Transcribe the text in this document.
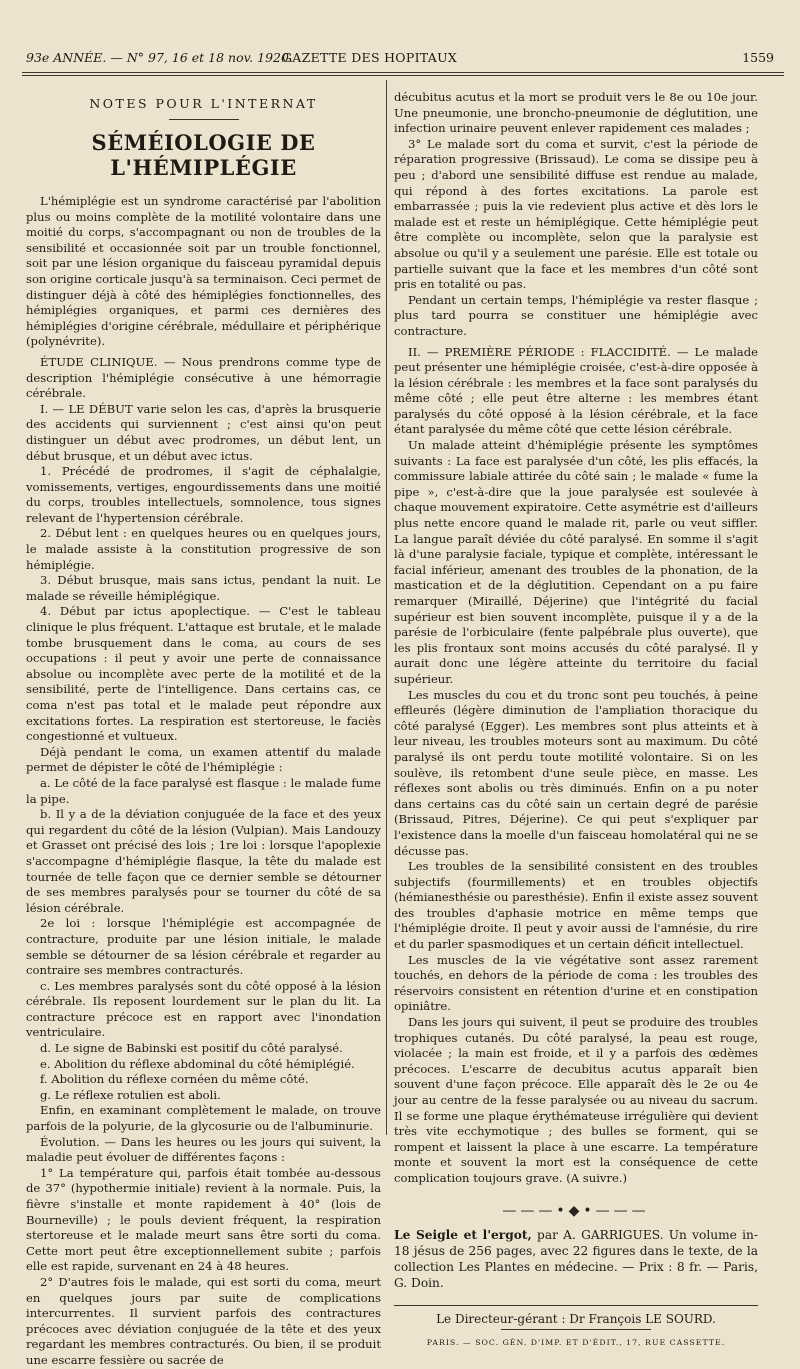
93e ANNÉE. — N° 97, 16 et 18 nov. 1920.
GAZETTE DES HOPITAUX	1559
NOTES POUR L'INTERNAT
SÉMÉIOLOGIE DE L'HÉMIPLÉGIE

L'hémiplégie est un syndrome caractérisé par l'abolition plus ou moins complète de la motilité volontaire dans une moitié du corps, s'accompagnant ou non de troubles de la sensibilité et occasionnée soit par un trouble fonctionnel, soit par une lésion organique du faisceau pyramidal depuis son origine corticale jusqu'à sa terminaison. Ceci permet de distinguer déjà à côté des hémiplégies fonctionnelles, des hémiplégies organiques, et parmi ces dernières des hémiplégies d'origine cérébrale, médullaire et périphérique (polynévrite).

ÉTUDE CLINIQUE. — Nous prendrons comme type de description l'hémiplégie consécutive à une hémorragie cérébrale.

I. — LE DÉBUT varie selon les cas, d'après la brusquerie des accidents qui surviennent ; c'est ainsi qu'on peut distinguer un début avec prodromes, un début lent, un début brusque, et un début avec ictus.

1. Précédé de prodromes, il s'agit de céphalalgie, vomissements, vertiges, engourdissements dans une moitié du corps, troubles intellectuels, somnolence, tous signes relevant de l'hypertension cérébrale.

2. Début lent : en quelques heures ou en quelques jours, le malade assiste à la constitution progressive de son hémiplégie.

3. Début brusque, mais sans ictus, pendant la nuit. Le malade se réveille hémiplégique.

4. Début par ictus apoplectique. — C'est le tableau clinique le plus fréquent. L'attaque est brutale, et le malade tombe brusquement dans le coma, au cours de ses occupations : il peut y avoir une perte de connaissance absolue ou incomplète avec perte de la motilité et de la sensibilité, perte de l'intelligence. Dans certains cas, ce coma n'est pas total et le malade peut répondre aux excitations fortes. La respiration est stertoreuse, le faciès congestionné et vultueux.

Déjà pendant le coma, un examen attentif du malade permet de dépister le côté de l'hémiplégie :

a. Le côté de la face paralysé est flasque : le malade fume la pipe.

b. Il y a de la déviation conjuguée de la face et des yeux qui regardent du côté de la lésion (Vulpian). Mais Landouzy et Grasset ont précisé des lois ; 1re loi : lorsque l'apoplexie s'accompagne d'hémiplégie flasque, la tête du malade est tournée de telle façon que ce dernier semble se détourner de ses membres paralysés pour se tourner du côté de sa lésion cérébrale.

2e loi : lorsque l'hémiplégie est accompagnée de contracture, produite par une lésion initiale, le malade semble se détourner de sa lésion cérébrale et regarder au contraire ses membres contracturés.

c. Les membres paralysés sont du côté opposé à la lésion cérébrale. Ils reposent lourdement sur le plan du lit. La contracture précoce est en rapport avec l'inondation ventriculaire.

d. Le signe de Babinski est positif du côté paralysé.

e. Abolition du réflexe abdominal du côté hémiplégié.

f. Abolition du réflexe cornéen du même côté.

g. Le réflexe rotulien est aboli.

Enfin, en examinant complètement le malade, on trouve parfois de la polyurie, de la glycosurie ou de l'albuminurie.

Évolution. — Dans les heures ou les jours qui suivent, la maladie peut évoluer de différentes façons :

1° La température qui, parfois était tombée au-dessous de 37° (hypothermie initiale) revient à la normale. Puis, la fièvre s'installe et monte rapidement à 40° (lois de Bourneville) ; le pouls devient fréquent, la respiration stertoreuse et le malade meurt sans être sorti du coma. Cette mort peut être exceptionnellement subite ; parfois elle est rapide, survenant en 24 à 48 heures.

2° D'autres fois le malade, qui est sorti du coma, meurt en quelques jours par suite de complications intercurrentes. Il survient parfois des contractures précoces avec déviation conjuguée de la tête et des yeux regardant les membres contracturés. Ou bien, il se produit une escarre fessière ou sacrée de

décubitus acutus et la mort se produit vers le 8e ou 10e jour. Une pneumonie, une broncho-pneumonie de déglutition, une infection urinaire peuvent enlever rapidement ces malades ;

3° Le malade sort du coma et survit, c'est la période de réparation progressive (Brissaud). Le coma se dissipe peu à peu ; d'abord une sensibilité diffuse est rendue au malade, qui répond à des fortes excitations. La parole est embarrassée ; puis la vie redevient plus active et dès lors le malade est et reste un hémiplégique. Cette hémiplégie peut être complète ou incomplète, selon que la paralysie est absolue ou qu'il y a seulement une parésie. Elle est totale ou partielle suivant que la face et les membres d'un côté sont pris en totalité ou pas.

Pendant un certain temps, l'hémiplégie va rester flasque ; plus tard pourra se constituer une hémiplégie avec contracture.

II. — PREMIÈRE PÉRIODE : FLACCIDITÉ. — Le malade peut présenter une hémiplégie croisée, c'est-à-dire opposée à la lésion cérébrale : les membres et la face sont paralysés du même côté ; elle peut être alterne : les membres étant paralysés du côté opposé à la lésion cérébrale, et la face étant paralysée du même côté que cette lésion cérébrale.

Un malade atteint d'hémiplégie présente les symptômes suivants : La face est paralysée d'un côté, les plis effacés, la commissure labiale attirée du côté sain ; le malade « fume la pipe », c'est-à-dire que la joue paralysée est soulevée à chaque mouvement expiratoire. Cette asymétrie est d'ailleurs plus nette encore quand le malade rit, parle ou veut siffler. La langue paraît déviée du côté paralysé. En somme il s'agit là d'une paralysie faciale, typique et complète, intéressant le facial inférieur, amenant des troubles de la phonation, de la mastication et de la déglutition. Cependant on a pu faire remarquer (Miraillé, Déjerine) que l'intégrité du facial supérieur est bien souvent incomplète, puisque il y a de la parésie de l'orbiculaire (fente palpébrale plus ouverte), que les plis frontaux sont moins accusés du côté paralysé. Il y aurait donc une légère atteinte du territoire du facial supérieur.

Les muscles du cou et du tronc sont peu touchés, à peine effleurés (légère diminution de l'ampliation thoracique du côté paralysé (Egger). Les membres sont plus atteints et à leur niveau, les troubles moteurs sont au maximum. Du côté paralysé ils ont perdu toute motilité volontaire. Si on les soulève, ils retombent d'une seule pièce, en masse. Les réflexes sont abolis ou très diminués. Enfin on a pu noter dans certains cas du côté sain un certain degré de parésie (Brissaud, Pitres, Déjerine). Ce qui peut s'expliquer par l'existence dans la moelle d'un faisceau homolatéral qui ne se décusse pas.

Les troubles de la sensibilité consistent en des troubles subjectifs (fourmillements) et en troubles objectifs (hémianesthésie ou paresthésie). Enfin il existe assez souvent des troubles d'aphasie motrice en même temps que l'hémiplégie droite. Il peut y avoir aussi de l'amnésie, du rire et du parler spasmodiques et un certain déficit intellectuel.

Les muscles de la vie végétative sont assez rarement touchés, en dehors de la période de coma : les troubles des réservoirs consistent en rétention d'urine et en constipation opiniâtre.

Dans les jours qui suivent, il peut se produire des troubles trophiques cutanés. Du côté paralysé, la peau est rouge, violacée ; la main est froide, et il y a parfois des œdèmes précoces. L'escarre de decubitus acutus apparaît bien souvent d'une façon précoce. Elle apparaît dès le 2e ou 4e jour au centre de la fesse paralysée ou au niveau du sacrum. Il se forme une plaque érythémateuse irrégulière qui devient très vite ecchymotique ; des bulles se forment, qui se rompent et laissent la place à une escarre. La température monte et souvent la mort est la conséquence de cette complication toujours grave. (A suivre.)

———•◆•———
Le Seigle et l'ergot, par A. GARRIGUES. Un volume in-18 jésus de 256 pages, avec 22 figures dans le texte, de la collection Les Plantes en médecine. — Prix : 8 fr. — Paris, G. Doin.
Le Directeur-gérant : Dr François LE SOURD.
PARIS. — SOC. GÉN. D'IMP. ET D'ÉDIT., 17, RUE CASSETTE.
